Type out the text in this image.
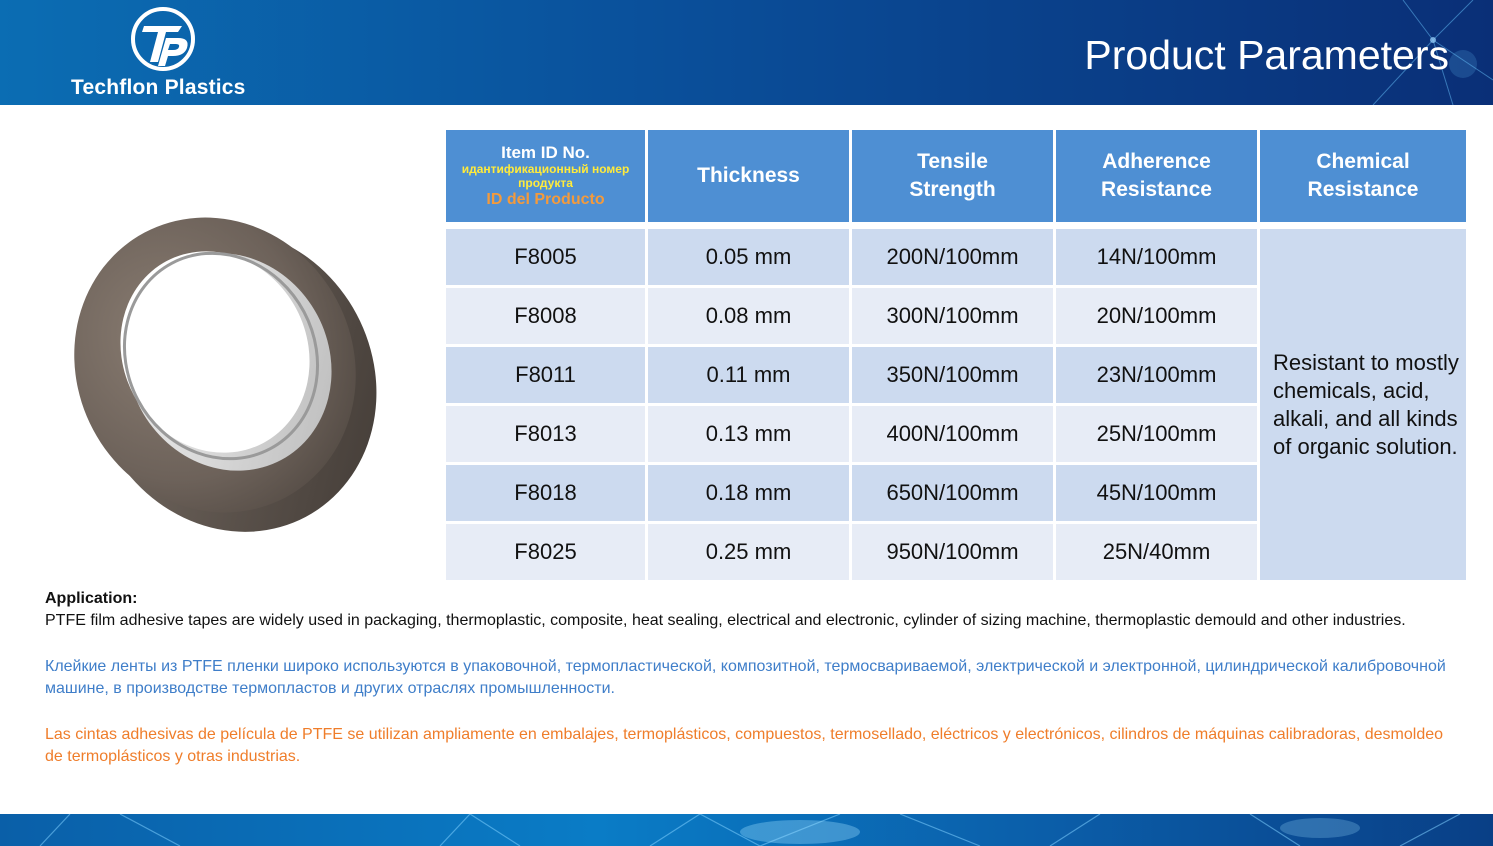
Techflon Plastics
Product Parameters
Item ID No.
идантификационный номер продукта
ID del Producto	Thickness	Tensile Strength	Adherence Resistance	Chemical Resistance
F8005	0.05 mm	200N/100mm	14N/100mm	Resistant to mostly chemicals, acid, alkali, and all kinds of organic solution.
F8008	0.08 mm	300N/100mm	20N/100mm	
F8011	0.11 mm	350N/100mm	23N/100mm	
F8013	0.13 mm	400N/100mm	25N/100mm	
F8018	0.18 mm	650N/100mm	45N/100mm	
F8025	0.25 mm	950N/100mm	25N/40mm	
Application:

PTFE film adhesive tapes are widely used in packaging, thermoplastic, composite, heat sealing, electrical and electronic, cylinder of sizing machine, thermoplastic demould and other industries.

Клейкие ленты из PTFE пленки широко используются в упаковочной, термопластической, композитной, термосвариваемой, электрической и электронной, цилиндрической калибровочной машине, в производстве термопластов и других отраслях промышленности.

Las cintas adhesivas de película de PTFE se utilizan ampliamente en embalajes, termoplásticos, compuestos, termosellado, eléctricos y electrónicos, cilindros de máquinas calibradoras, desmoldeo de termoplásticos y otras industrias.
